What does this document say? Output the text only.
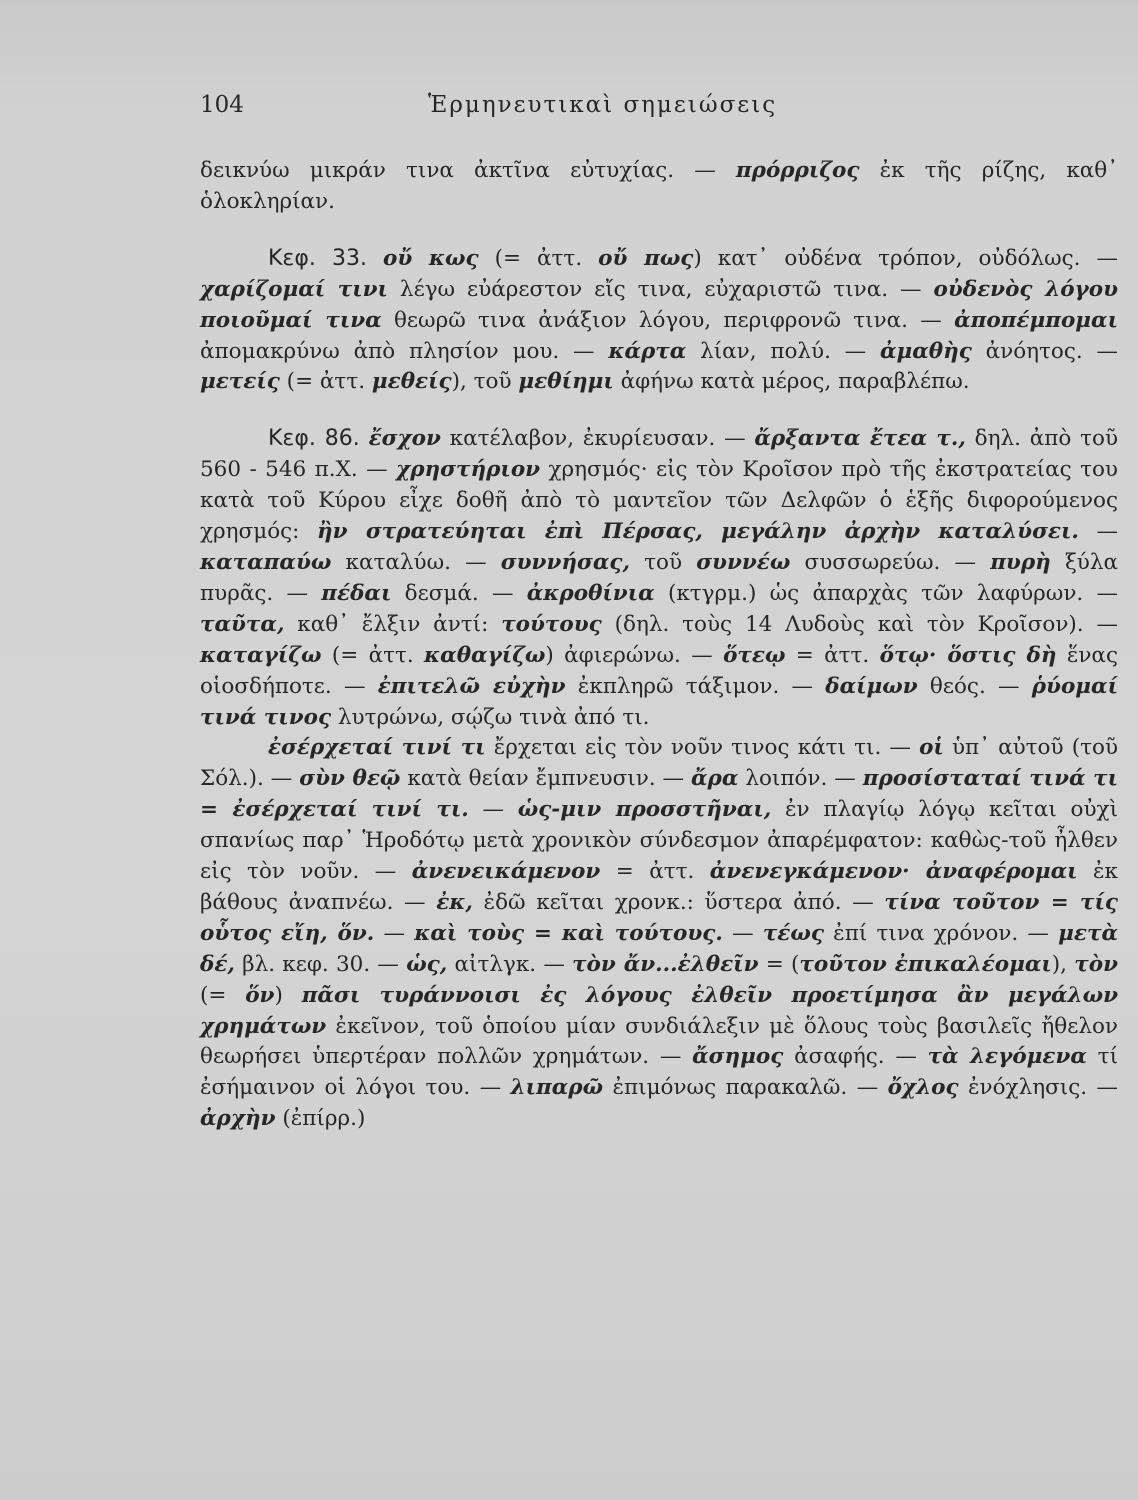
104	Ἑρμηνευτικαὶ σημειώσεις

δεικνύω μικράν τινα ἀκτῖνα εὐτυχίας. — πρόρριζος ἐκ τῆς ρίζης, καθ᾽ ὁλοκληρίαν.

Κεφ. 33. οὔ κως (= ἀττ. οὔ πως) κατ᾽ οὐδένα τρόπον, οὐδόλως. — χαρίζομαί τινι λέγω εὐάρεστον εἴς τινα, εὐχαριστῶ τινα. — οὐδενὸς λόγου ποιοῦμαί τινα θεωρῶ τινα ἀνάξιον λόγου, περιφρονῶ τινα. — ἀποπέμπομαι ἀπομακρύνω ἀπὸ πλησίον μου. — κάρτα λίαν, πολύ. — ἀμαθὴς ἀνόητος. — μετείς (= ἀττ. μεθείς), τοῦ μεθίημι ἀφήνω κατὰ μέρος, παραβλέπω.

Κεφ. 86. ἔσχον κατέλαβον, ἐκυρίευσαν. — ἄρξαντα ἔτεα τ., δηλ. ἀπὸ τοῦ 560 - 546 π.Χ. — χρηστήριον χρησμός· εἰς τὸν Κροῖσον πρὸ τῆς ἐκστρατείας του κατὰ τοῦ Κύρου εἶχε δοθῆ ἀπὸ τὸ μαντεῖον τῶν Δελφῶν ὁ ἑξῆς διφορούμενος χρησμός: ἢν στρατεύηται ἐπὶ Πέρσας, μεγάλην ἀρχὴν καταλύσει. — καταπαύω καταλύω. — συννήσας, τοῦ συννέω συσσωρεύω. — πυρὴ ξύλα πυρᾶς. — πέδαι δεσμά. — ἀκροθίνια (κτγρμ.) ὡς ἀπαρχὰς τῶν λαφύρων. — ταῦτα, καθ᾽ ἔλξιν ἀντί: τούτους (δηλ. τοὺς 14 Λυδοὺς καὶ τὸν Κροῖσον). — καταγίζω (= ἀττ. καθαγίζω) ἀφιερώνω. — ὅτεῳ = ἀττ. ὅτῳ· ὅστις δὴ ἕνας οἱοσδήποτε. — ἐπιτελῶ εὐχὴν ἐκπληρῶ τάξιμον. — δαίμων θεός. — ῥύομαί τινά τινος λυτρώνω, σῴζω τινὰ ἀπό τι.

ἐσέρχεταί τινί τι ἔρχεται εἰς τὸν νοῦν τινος κάτι τι. — οἱ ὑπ᾽ αὐτοῦ (τοῦ Σόλ.). — σὺν θεῷ κατὰ θείαν ἔμπνευσιν. — ἄρα λοιπόν. — προσίσταταί τινά τι = ἐσέρχεταί τινί τι. — ὡς-μιν προσστῆναι, ἐν πλαγίῳ λόγῳ κεῖται οὐχὶ σπανίως παρ᾽ Ἡροδότῳ μετὰ χρονικὸν σύνδεσμον ἀπαρέμφατον: καθὼς-τοῦ ἦλθεν εἰς τὸν νοῦν. — ἀνενεικάμενον = ἀττ. ἀνενεγκάμενον· ἀναφέρομαι ἐκ βάθους ἀναπνέω. — ἐκ, ἐδῶ κεῖται χρονκ.: ὕστερα ἀπό. — τίνα τοῦτον = τίς οὗτος εἴη, ὅν. — καὶ τοὺς = καὶ τούτους. — τέως ἐπί τινα χρόνον. — μετὰ δέ, βλ. κεφ. 30. — ὡς, αἰτλγκ. — τὸν ἄν...ἐλθεῖν = (τοῦτον ἐπικαλέομαι), τὸν (= ὅν) πᾶσι τυράννοισι ἐς λόγους ἐλθεῖν προετίμησα ἂν μεγάλων χρημάτων ἐκεῖνον, τοῦ ὁποίου μίαν συνδιάλεξιν μὲ ὅλους τοὺς βασιλεῖς ἤθελον θεωρήσει ὑπερτέραν πολλῶν χρημάτων. — ἄσημος ἀσαφής. — τὰ λεγόμενα τί ἐσήμαινον οἱ λόγοι του. — λιπαρῶ ἐπιμόνως παρακαλῶ. — ὄχλος ἐνόχλησις. — ἀρχὴν (ἐπίρρ.)
